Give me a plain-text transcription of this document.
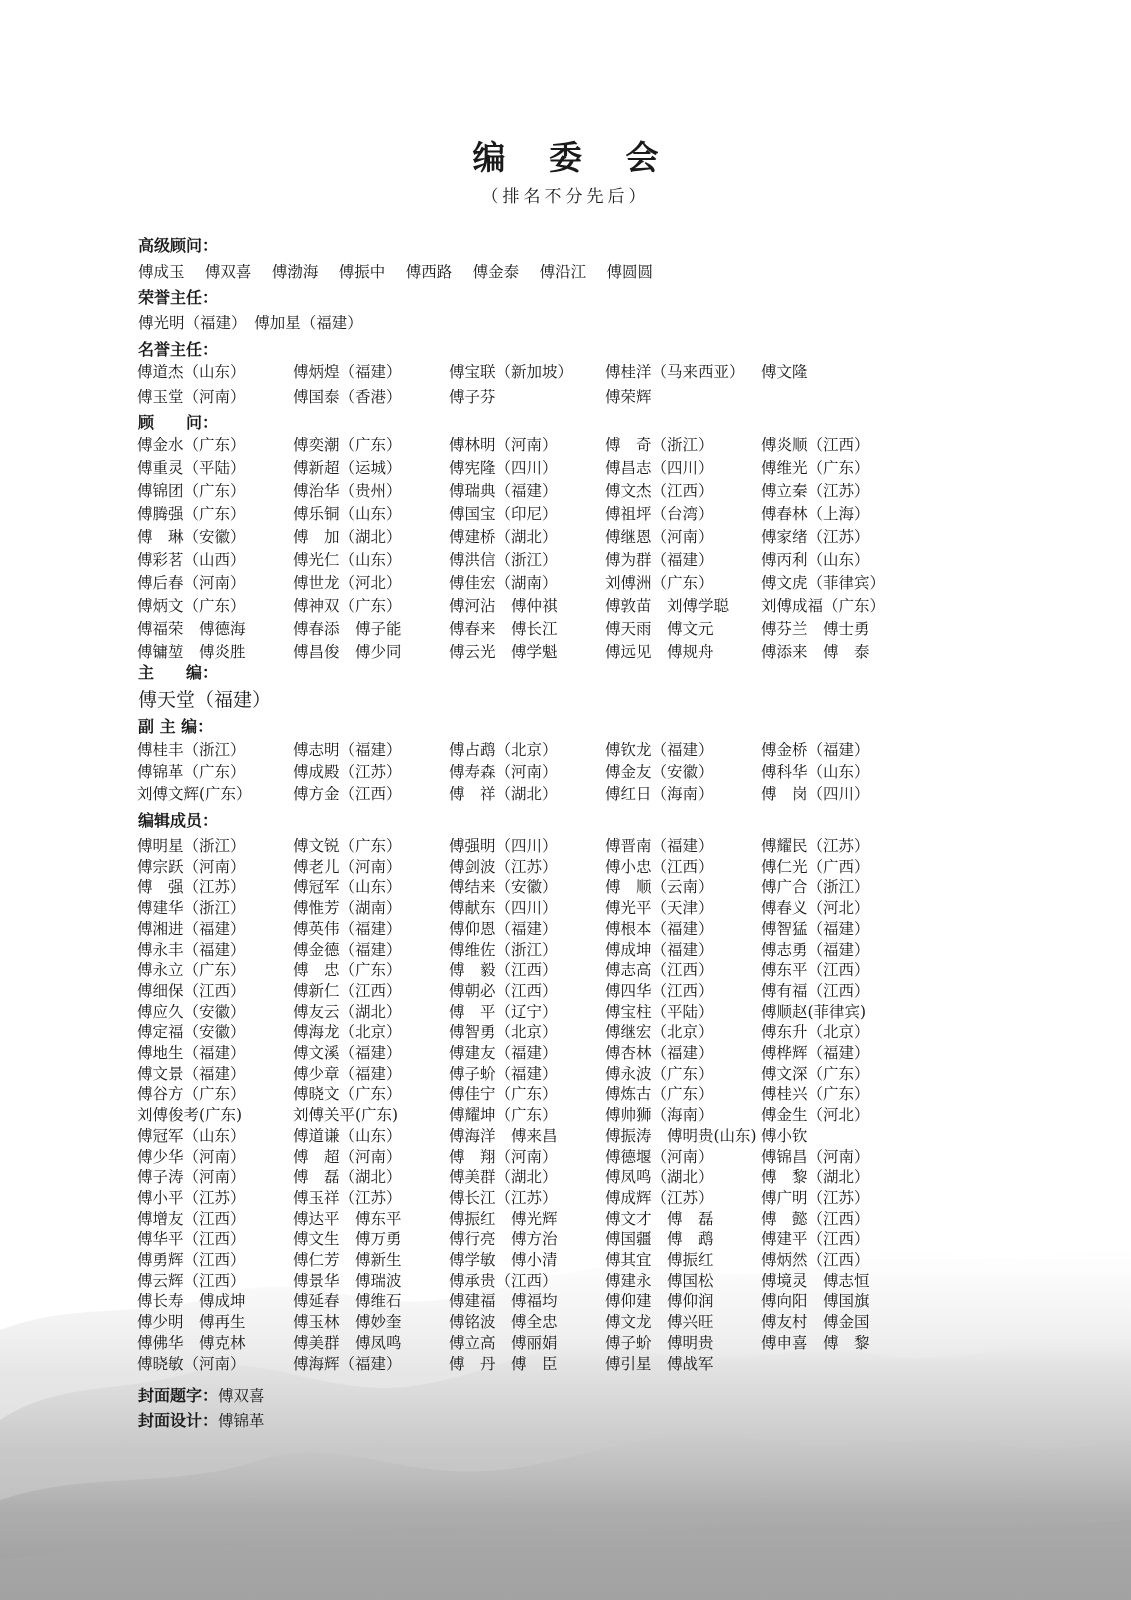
编 委 会
（排名不分先后）
高级顾问：
傅成玉　 傅双喜　 傅渤海　 傅振中　 傅西路　 傅金泰　 傅沿江　 傅圆圆
荣誉主任：
傅光明（福建）　傅加星（福建）
名誉主任：
傅道杰（山东）	傅炳煌（福建）	傅宝联（新加坡） 傅桂洋（马来西亚） 傅文隆
傅玉堂（河南）	傅国泰（香港）	傅子芬	傅荣辉
顾　　问：
傅金水（广东）	傅奕潮（广东）	傅林明（河南）	傅　奇（浙江）	傅炎顺（江西）
傅重灵（平陆）	傅新超（运城）	傅宪隆（四川）	傅昌志（四川）	傅维光（广东）
傅锦团（广东）	傅治华（贵州）	傅瑞典（福建）	傅文杰（江西）	傅立秦（江苏）
傅腾强（广东）	傅乐铜（山东）	傅国宝（印尼）	傅祖坪（台湾）	傅春林（上海）
傅　琳（安徽）	傅　加（湖北）	傅建桥（湖北）	傅继恩（河南）	傅家绪（江苏）
傅彩茗（山西）	傅光仁（山东）	傅洪信（浙江）	傅为群（福建）	傅丙利（山东）
傅后春（河南）	傅世龙（河北）	傅佳宏（湖南）	刘傅洲（广东）	傅文虎（菲律宾）
傅炳文（广东）	傅神双（广东）	傅河沾　傅仲祺	傅敦苗　刘傅学聪 刘傅成福（广东）
傅福荣　傅德海	傅春添　傅子能	傅春来　傅长江	傅天雨　傅文元	傅芬兰　傅士勇
傅镛堃　傅炎胜	傅昌俊　傅少同	傅云光　傅学魁	傅远见　傅规舟	傅添来　傅　泰
主　　编：
傅天堂（福建）
副 主 编：
傅桂丰（浙江）	傅志明（福建）	傅占鹉（北京）	傅钦龙（福建）	傅金桥（福建）
傅锦革（广东）	傅成殿（江苏）	傅寿森（河南）	傅金友（安徽）	傅科华（山东）
刘傅文辉(广东）	傅方金（江西）	傅　祥（湖北）	傅红日（海南）	傅　岗（四川）
编辑成员：
傅明星（浙江）	傅文锐（广东）	傅强明（四川）	傅晋南（福建）	傅耀民（江苏）
傅宗跃（河南）	傅老儿（河南）	傅剑波（江苏）	傅小忠（江西）	傅仁光（广西）
傅　强（江苏）	傅冠军（山东）	傅结来（安徽）	傅　顺（云南）	傅广合（浙江）
傅建华（浙江）	傅惟芳（湖南）	傅献东（四川）	傅光平（天津）	傅春义（河北）
傅湘进（福建）	傅英伟（福建）	傅仰恩（福建）	傅根本（福建）	傅智猛（福建）
傅永丰（福建）	傅金德（福建）	傅维佐（浙江）	傅成坤（福建）	傅志勇（福建）
傅永立（广东）	傅　忠（广东）	傅　毅（江西）	傅志高（江西）	傅东平（江西）
傅细保（江西）	傅新仁（江西）	傅朝必（江西）	傅四华（江西）	傅有福（江西）
傅应久（安徽）	傅友云（湖北）	傅　平（辽宁）	傅宝柱（平陆）	傅顺赵(菲律宾)
傅定福（安徽）	傅海龙（北京）	傅智勇（北京）	傅继宏（北京）	傅东升（北京）
傅地生（福建）	傅文溪（福建）	傅建友（福建）	傅杏林（福建）	傅桦辉（福建）
傅文景（福建）	傅少章（福建）	傅子蚧（福建）	傅永波（广东）	傅文深（广东）
傅谷方（广东）	傅晓文（广东）	傅佳宁（广东）	傅炼古（广东）	傅桂兴（广东）
刘傅俊考(广东)	刘傅关平(广东)	傅耀坤（广东）	傅帅狮（海南）	傅金生（河北）
傅冠军（山东）	傅道谦（山东）	傅海洋　傅来昌	傅振涛　傅明贵(山东) 傅小钦
傅少华（河南）	傅　超（河南）	傅　翔（河南）	傅德堰（河南）	傅锦昌（河南）
傅子涛（河南）	傅　磊（湖北）	傅美群（湖北）	傅凤鸣（湖北）	傅　黎（湖北）
傅小平（江苏）	傅玉祥（江苏）	傅长江（江苏）	傅成辉（江苏）	傅广明（江苏）
傅增友（江西）	傅达平　傅东平	傅振红　傅光辉	傅文才　傅　磊	傅　懿（江西）
傅华平（江西）	傅文生　傅万勇	傅行亮　傅方治	傅国疆　傅　鹉	傅建平（江西）
傅勇辉（江西）	傅仁芳　傅新生	傅学敏　傅小清	傅其宜　傅振红	傅炳然（江西）
傅云辉（江西）	傅景华　傅瑞波	傅承贵（江西）	傅建永　傅国松	傅境灵　傅志恒
傅长寿　傅成坤	傅延春　傅维石	傅建福　傅福均	傅仰建　傅仰润	傅向阳　傅国旗
傅少明　傅再生	傅玉林　傅妙奎	傅铭波　傅全忠	傅文龙　傅兴旺	傅友村　傅金国
傅佛华　傅克林	傅美群　傅凤鸣	傅立高　傅丽娟	傅子蚧　傅明贵	傅申喜　傅　黎
傅晓敏（河南）	傅海辉（福建）	傅　丹　傅　臣	傅引星　傅战军
封面题字：傅双喜
封面设计：傅锦革
